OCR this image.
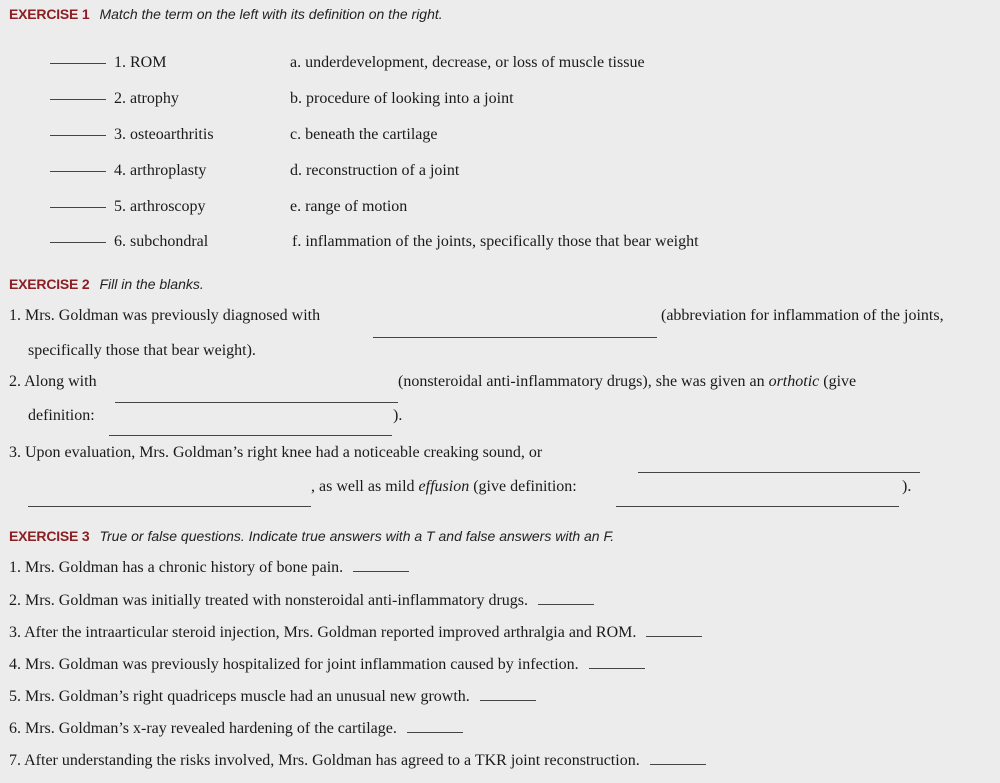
EXERCISE 1 Match the term on the left with its definition on the right.
1. ROM	a. underdevelopment, decrease, or loss of muscle tissue
2. atrophy	b. procedure of looking into a joint
3. osteoarthritis	c. beneath the cartilage
4. arthroplasty	d. reconstruction of a joint
5. arthroscopy	e. range of motion
6. subchondral	f. inflammation of the joints, specifically those that bear weight
EXERCISE 2 Fill in the blanks.
1. Mrs. Goldman was previously diagnosed with	(abbreviation for inflammation of the joints,
specifically those that bear weight).
2. Along with	(nonsteroidal anti-inflammatory drugs), she was given an orthotic (give
definition:	).
3. Upon evaluation, Mrs. Goldman’s right knee had a noticeable creaking sound, or
, as well as mild effusion (give definition:	).
EXERCISE 3 True or false questions. Indicate true answers with a T and false answers with an F.
1. Mrs. Goldman has a chronic history of bone pain.
2. Mrs. Goldman was initially treated with nonsteroidal anti-inflammatory drugs.
3. After the intraarticular steroid injection, Mrs. Goldman reported improved arthralgia and ROM.
4. Mrs. Goldman was previously hospitalized for joint inflammation caused by infection.
5. Mrs. Goldman’s right quadriceps muscle had an unusual new growth.
6. Mrs. Goldman’s x-ray revealed hardening of the cartilage.
7. After understanding the risks involved, Mrs. Goldman has agreed to a TKR joint reconstruction.
